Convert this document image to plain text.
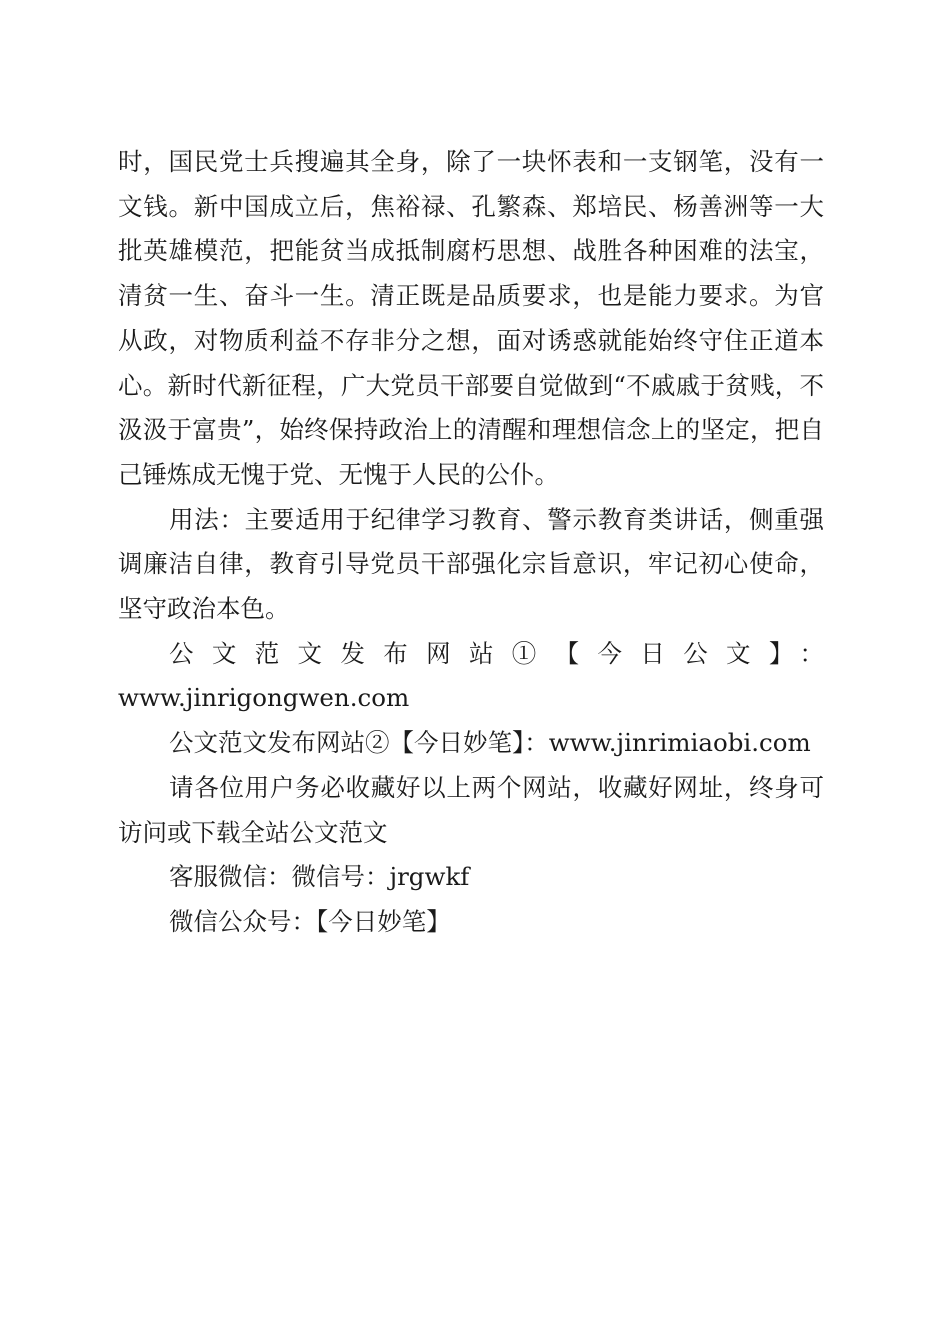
时，国民党士兵搜遍其全身，除了一块怀表和一支钢笔，没有一文钱。新中国成立后，焦裕禄、孔繁森、郑培民、杨善洲等一大批英雄模范，把能贫当成抵制腐朽思想、战胜各种困难的法宝，清贫一生、奋斗一生。清正既是品质要求，也是能力要求。为官从政，对物质利益不存非分之想，面对诱惑就能始终守住正道本心。新时代新征程，广大党员干部要自觉做到“不戚戚于贫贱，不汲汲于富贵”，始终保持政治上的清醒和理想信念上的坚定，把自己锤炼成无愧于党、无愧于人民的公仆。

用法：主要适用于纪律学习教育、警示教育类讲话，侧重强调廉洁自律，教育引导党员干部强化宗旨意识，牢记初心使命，坚守政治本色。

公文范文发布网站①【今日公文】：

www.jinrigongwen.com

公文范文发布网站②【今日妙笔】：www.jinrimiaobi.com

请各位用户务必收藏好以上两个网站，收藏好网址，终身可访问或下载全站公文范文

客服微信：微信号：jrgwkf

微信公众号：【今日妙笔】
